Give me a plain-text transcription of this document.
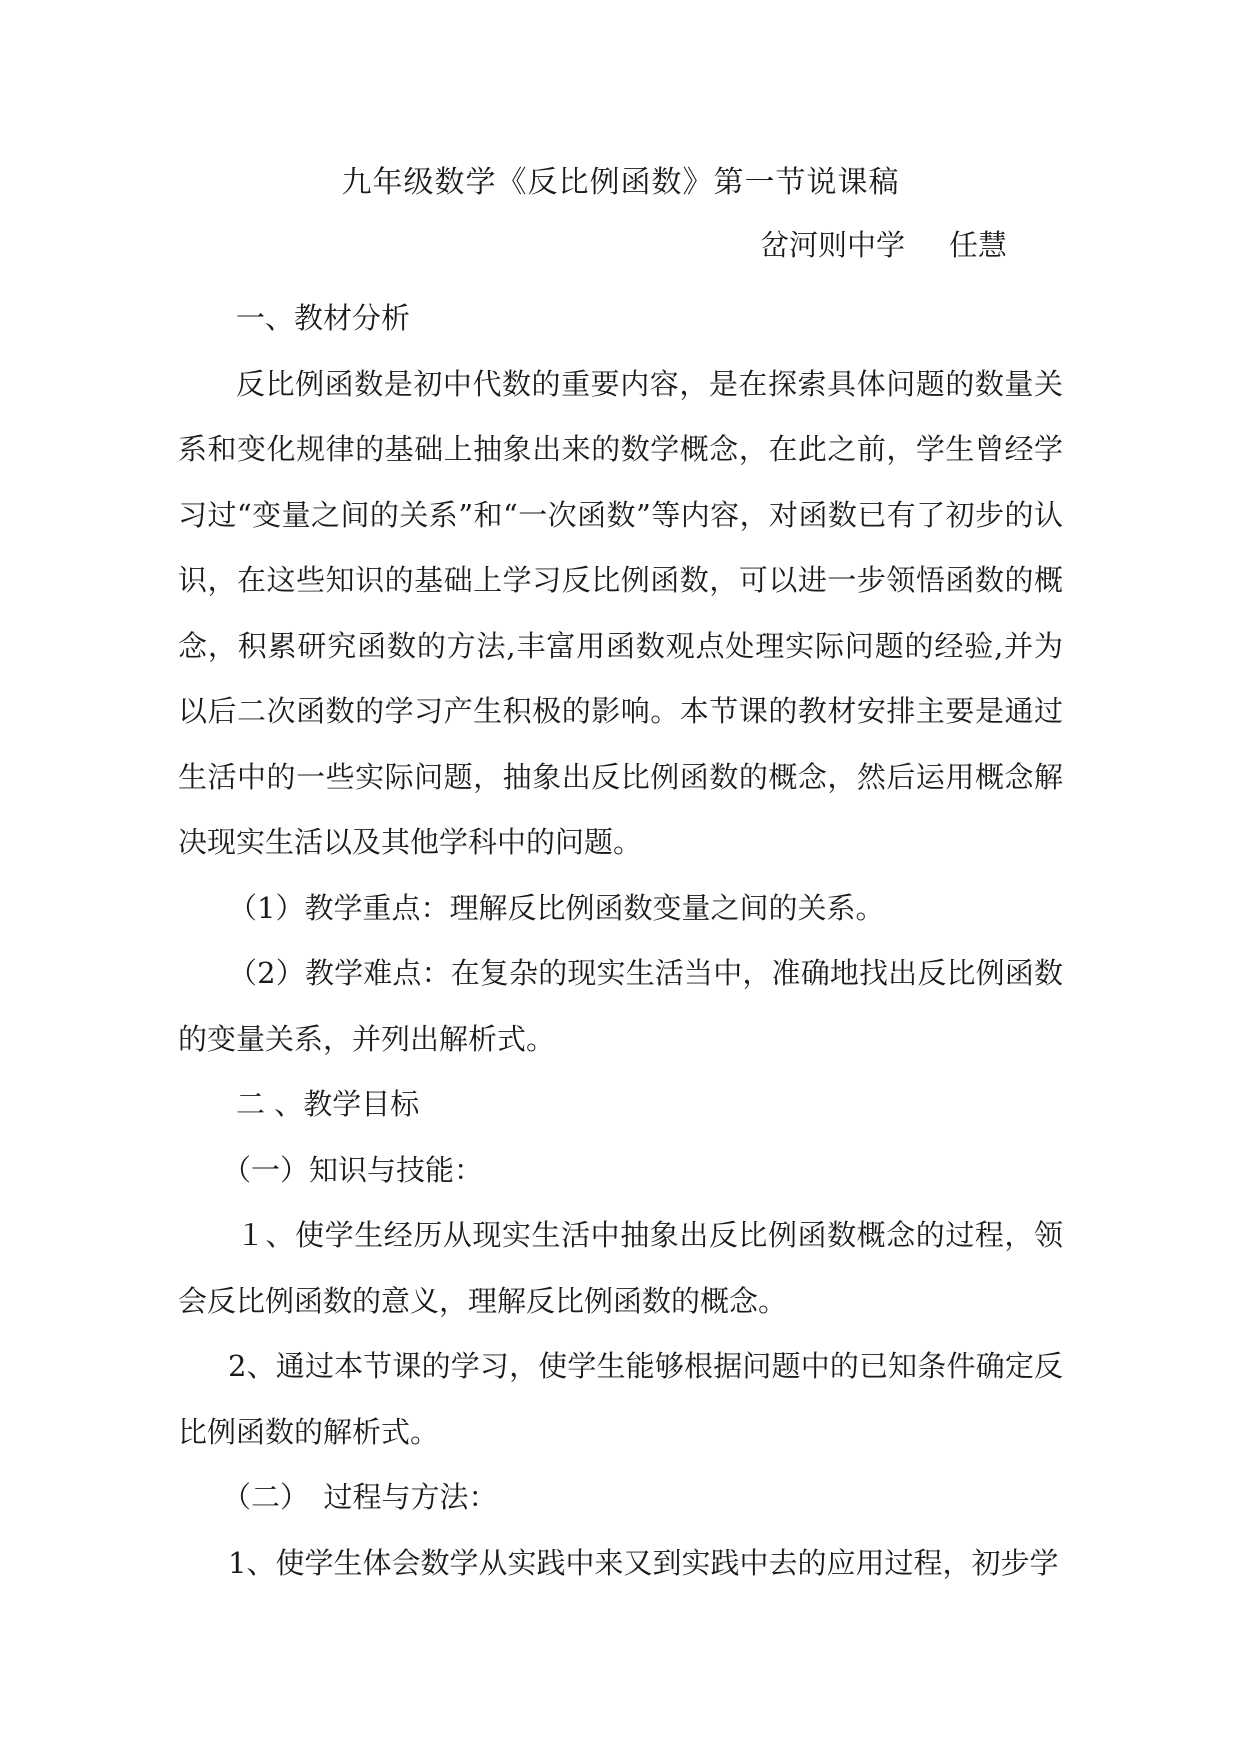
九年级数学《反比例函数》第一节说课稿
岔河则中学 任慧

一、教材分析

反比例函数是初中代数的重要内容，是在探索具体问题的数量关系和变化规律的基础上抽象出来的数学概念，在此之前，学生曾经学习过“变量之间的关系”和“一次函数”等内容，对函数已有了初步的认识，在这些知识的基础上学习反比例函数，可以进一步领悟函数的概念，积累研究函数的方法,丰富用函数观点处理实际问题的经验,并为以后二次函数的学习产生积极的影响。本节课的教材安排主要是通过生活中的一些实际问题，抽象出反比例函数的概念，然后运用概念解决现实生活以及其他学科中的问题。

（1）教学重点：理解反比例函数变量之间的关系。

（2）教学难点：在复杂的现实生活当中，准确地找出反比例函数的变量关系，并列出解析式。

二 、教学目标

（一）知识与技能：

１、使学生经历从现实生活中抽象出反比例函数概念的过程，领会反比例函数的意义，理解反比例函数的概念。

2、通过本节课的学习，使学生能够根据问题中的已知条件确定反比例函数的解析式。

（二）　过程与方法：

1、使学生体会数学从实践中来又到实践中去的应用过程，初步学
